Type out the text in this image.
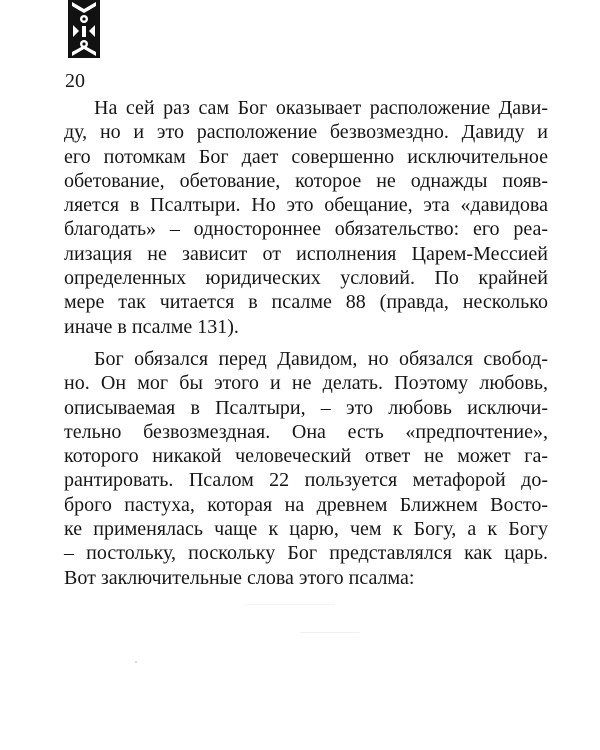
20

На сей раз сам Бог оказывает расположение Дави-
ду, но и это расположение безвозмездно. Давиду и
его потомкам Бог дает совершенно исключительное
обетование, обетование, которое не однажды появ-
ляется в Псалтыри. Но это обещание, эта «давидова
благодать» – одностороннее обязательство: его реа-
лизация не зависит от исполнения Царем-Мессией
определенных юридических условий. По крайней
мере так читается в псалме 88 (правда, несколько
иначе в псалме 131).

Бог обязался перед Давидом, но обязался свобод-
но. Он мог бы этого и не делать. Поэтому любовь,
описываемая в Псалтыри, – это любовь исключи-
тельно безвозмездная. Она есть «предпочтение»,
которого никакой человеческий ответ не может га-
рантировать. Псалом 22 пользуется метафорой до-
брого пастуха, которая на древнем Ближнем Восто-
ке применялась чаще к царю, чем к Богу, а к Богу
– постольку, поскольку Бог представлялся как царь.
Вот заключительные слова этого псалма:
